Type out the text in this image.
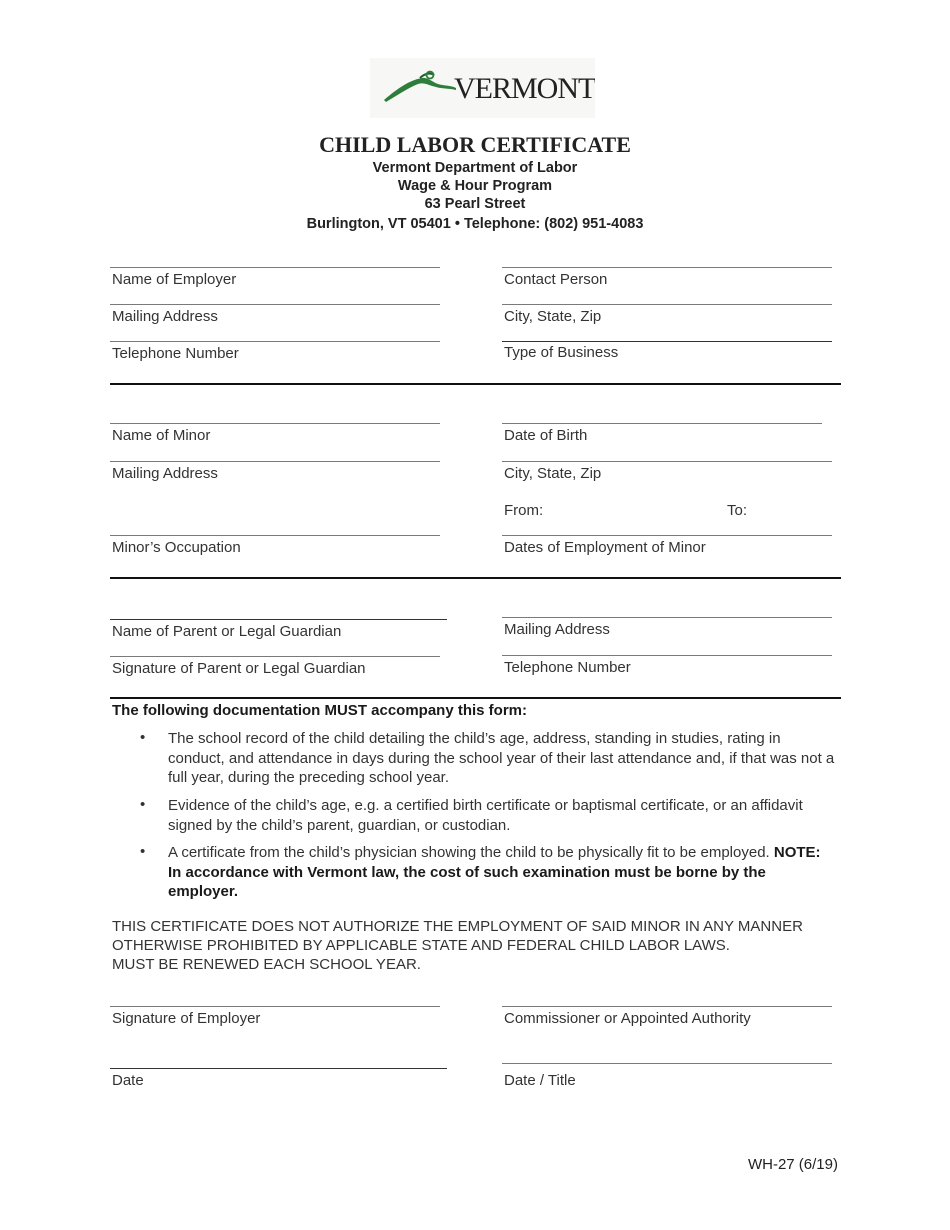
VERMONT
CHILD LABOR CERTIFICATE
Vermont Department of Labor
Wage & Hour Program
63 Pearl Street
Burlington, VT 05401 • Telephone: (802) 951-4083
Name of Employer	Contact Person
Mailing Address	City, State, Zip
Telephone Number	Type of Business
Name of Minor	Date of Birth
Mailing Address	City, State, Zip
From:	To:
Minor’s Occupation	Dates of Employment of Minor
Name of Parent or Legal Guardian	Mailing Address
Signature of Parent or Legal Guardian	Telephone Number
The following documentation MUST accompany this form:
• The school record of the child detailing the child’s age, address, standing in studies, rating in conduct, and attendance in days during the school year of their last attendance and, if that was not a full year, during the preceding school year.
• Evidence of the child’s age, e.g. a certified birth certificate or baptismal certificate, or an affidavit signed by the child’s parent, guardian, or custodian.
• A certificate from the child’s physician showing the child to be physically fit to be employed. NOTE: In accordance with Vermont law, the cost of such examination must be borne by the employer.
THIS CERTIFICATE DOES NOT AUTHORIZE THE EMPLOYMENT OF SAID MINOR IN ANY MANNER
OTHERWISE PROHIBITED BY APPLICABLE STATE AND FEDERAL CHILD LABOR LAWS.
MUST BE RENEWED EACH SCHOOL YEAR.
Signature of Employer	Commissioner or Appointed Authority
Date	Date / Title
WH-27 (6/19)
